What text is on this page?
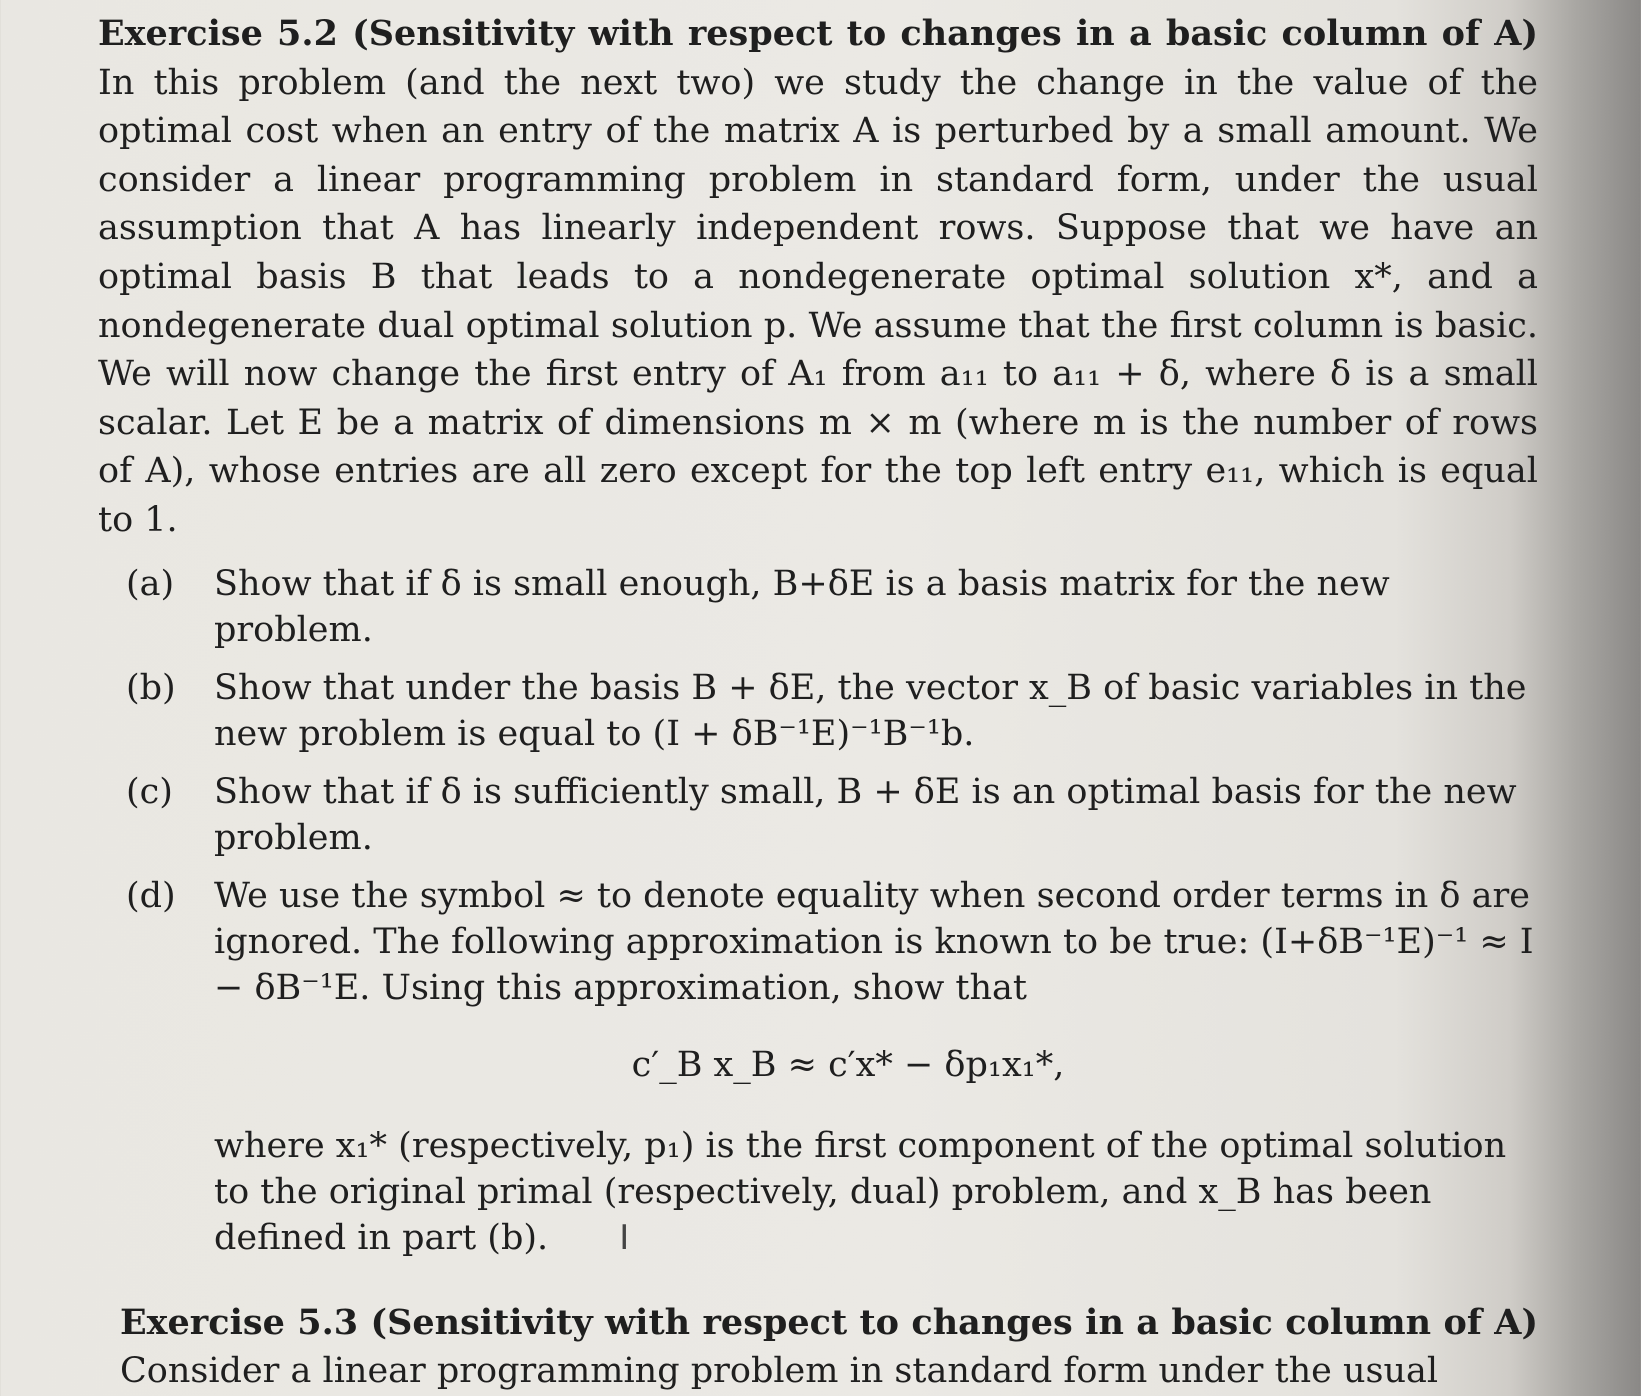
Exercise 5.2 (Sensitivity with respect to changes in a basic column of A) In this problem (and the next two) we study the change in the value of the optimal cost when an entry of the matrix A is perturbed by a small amount. We consider a linear programming problem in standard form, under the usual assumption that A has linearly independent rows. Suppose that we have an optimal basis B that leads to a nondegenerate optimal solution x*, and a nondegenerate dual optimal solution p. We assume that the first column is basic. We will now change the first entry of A₁ from a₁₁ to a₁₁ + δ, where δ is a small scalar. Let E be a matrix of dimensions m × m (where m is the number of rows of A), whose entries are all zero except for the top left entry e₁₁, which is equal to 1.

(a)	Show that if δ is small enough, B+δE is a basis matrix for the new problem.
(b)	Show that under the basis B + δE, the vector x_B of basic variables in the new problem is equal to (I + δB⁻¹E)⁻¹B⁻¹b.
(c)	Show that if δ is sufficiently small, B + δE is an optimal basis for the new problem.
(d)	We use the symbol ≈ to denote equality when second order terms in δ are ignored. The following approximation is known to be true: (I+δB⁻¹E)⁻¹ ≈ I − δB⁻¹E. Using this approximation, show that
c′_B x_B ≈ c′x* − δp₁x₁*,
where x₁* (respectively, p₁) is the first component of the optimal solution to the original primal (respectively, dual) problem, and x_B has been defined in part (b). I

Exercise 5.3 (Sensitivity with respect to changes in a basic column of A) Consider a linear programming problem in standard form under the usual
